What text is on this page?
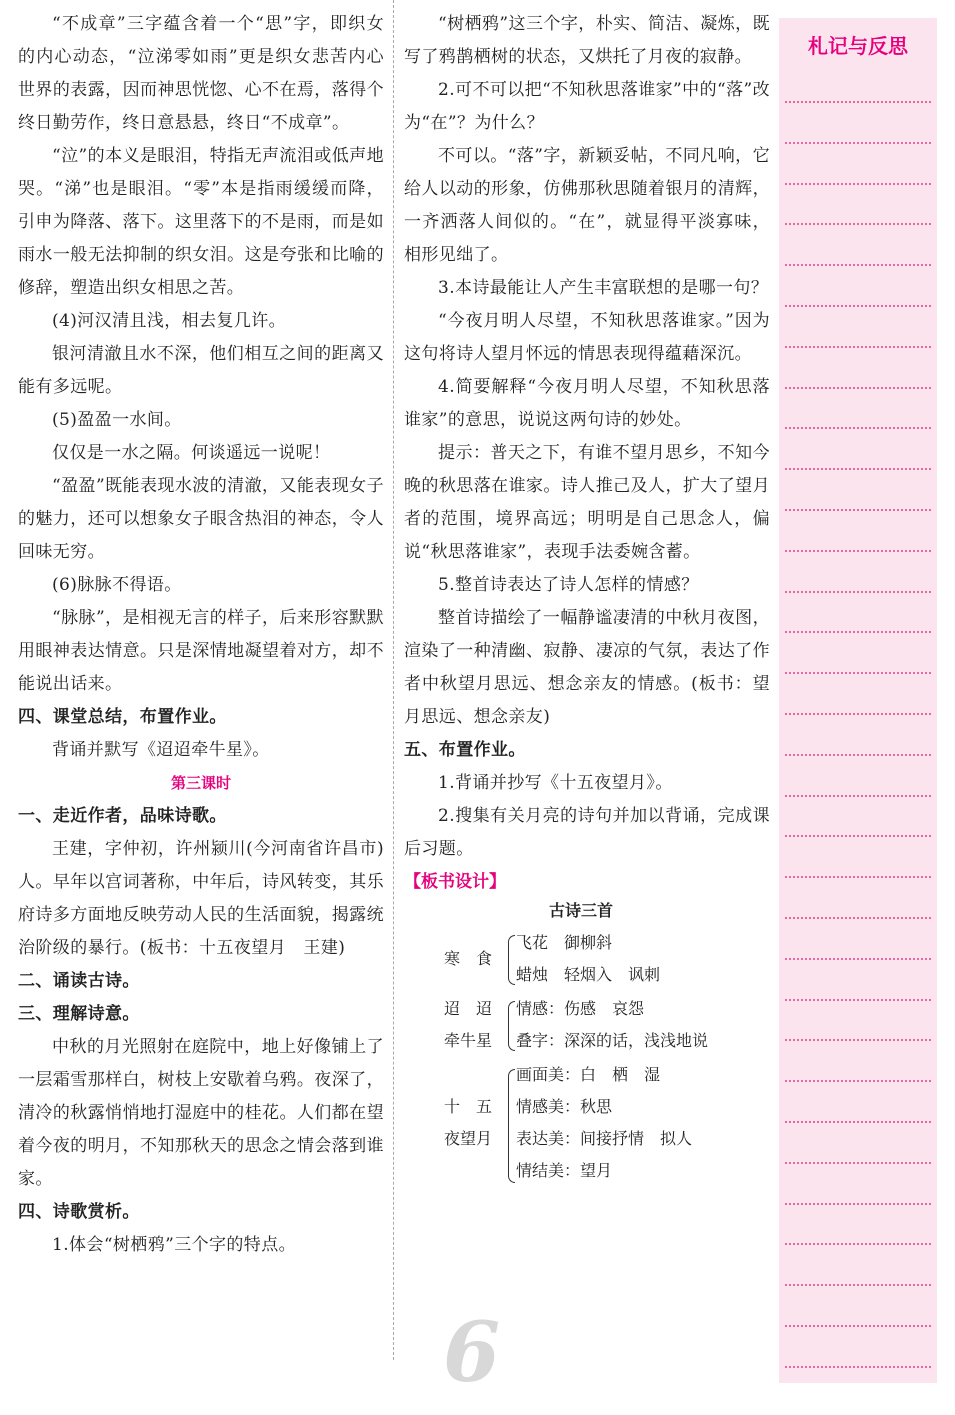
“不成章”三字蕴含着一个“思”字，即织女的内心动态，“泣涕零如雨”更是织女悲苦内心世界的表露，因而神思恍惚、心不在焉，落得个终日勤劳作，终日意悬悬，终日“不成章”。

“泣”的本义是眼泪，特指无声流泪或低声地哭。“涕”也是眼泪。“零”本是指雨缓缓而降，引申为降落、落下。这里落下的不是雨，而是如雨水一般无法抑制的织女泪。这是夸张和比喻的修辞，塑造出织女相思之苦。

(4)河汉清且浅，相去复几许。

银河清澈且水不深，他们相互之间的距离又能有多远呢。

(5)盈盈一水间。

仅仅是一水之隔。何谈遥远一说呢！

“盈盈”既能表现水波的清澈，又能表现女子的魅力，还可以想象女子眼含热泪的神态，令人回味无穷。

(6)脉脉不得语。

“脉脉”，是相视无言的样子，后来形容默默用眼神表达情意。只是深情地凝望着对方，却不能说出话来。

四、课堂总结，布置作业。

背诵并默写《迢迢牵牛星》。

第三课时

一、走近作者，品味诗歌。

王建，字仲初，许州颍川(今河南省许昌市)人。早年以宫词著称，中年后，诗风转变，其乐府诗多方面地反映劳动人民的生活面貌，揭露统治阶级的暴行。(板书：十五夜望月　王建)

二、诵读古诗。

三、理解诗意。

中秋的月光照射在庭院中，地上好像铺上了一层霜雪那样白，树枝上安歇着乌鸦。夜深了，清冷的秋露悄悄地打湿庭中的桂花。人们都在望着今夜的明月，不知那秋天的思念之情会落到谁家。

四、诗歌赏析。

1.体会“树栖鸦”三个字的特点。

“树栖鸦”这三个字，朴实、简洁、凝炼，既写了鸦鹊栖树的状态，又烘托了月夜的寂静。

2.可不可以把“不知秋思落谁家”中的“落”改为“在”？为什么？

不可以。“落”字，新颖妥帖，不同凡响，它给人以动的形象，仿佛那秋思随着银月的清辉，一齐洒落人间似的。“在”，就显得平淡寡味，相形见绌了。

3.本诗最能让人产生丰富联想的是哪一句？

“今夜月明人尽望，不知秋思落谁家。”因为这句将诗人望月怀远的情思表现得蕴藉深沉。

4.简要解释“今夜月明人尽望，不知秋思落谁家”的意思，说说这两句诗的妙处。

提示：普天之下，有谁不望月思乡，不知今晚的秋思落在谁家。诗人推己及人，扩大了望月者的范围，境界高远；明明是自己思念人，偏说“秋思落谁家”，表现手法委婉含蓄。

5.整首诗表达了诗人怎样的情感？

整首诗描绘了一幅静谧凄清的中秋月夜图，渲染了一种清幽、寂静、凄凉的气氛，表达了作者中秋望月思远、想念亲友的情感。(板书：望月思远、想念亲友)

五、布置作业。

1.背诵并抄写《十五夜望月》。

2.搜集有关月亮的诗句并加以背诵，完成课后习题。

【板书设计】

古诗三首
寒　食
飞花　御柳斜
蜡烛　轻烟入　讽刺
迢　迢
牵牛星
情感：伤感　哀怨
叠字：深深的话，浅浅地说
十　五
夜望月
画面美：白　栖　湿
情感美：秋思
表达美：间接抒情　拟人
情结美：望月
6

札记与反思
